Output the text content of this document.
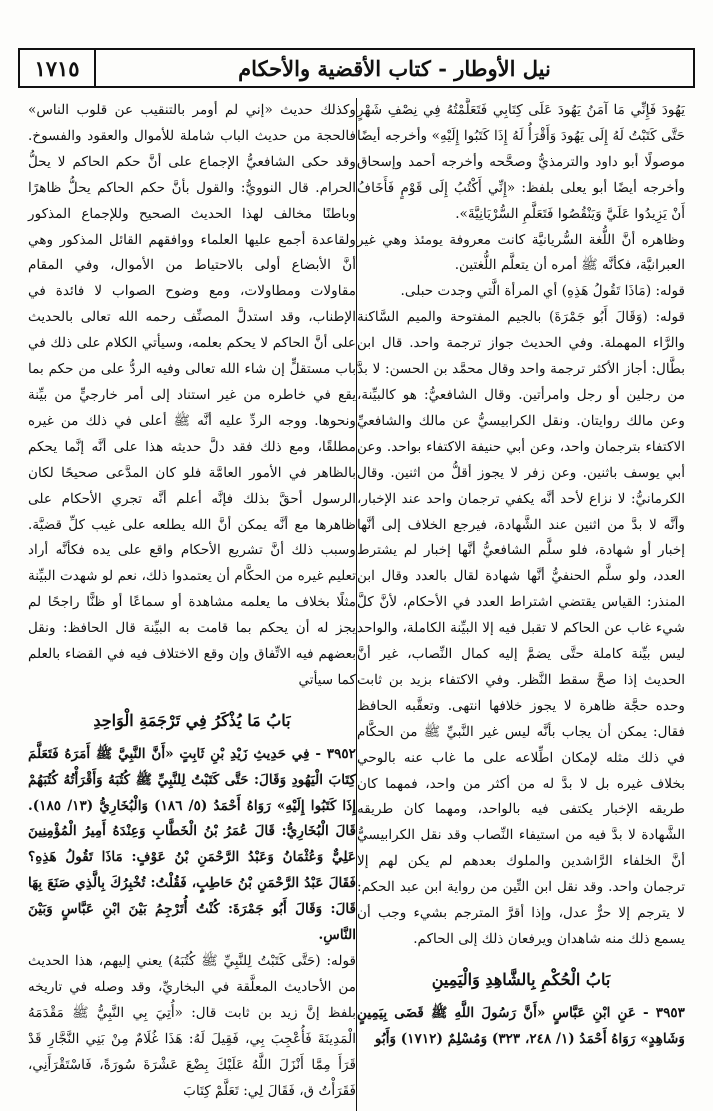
نيل الأوطار - كتاب الأقضية والأحكام
١٧١٥

وكذلك حديث «إني لم أومر بالتنقيب عن قلوب الناس» فالحجة من حديث الباب شاملة للأموال والعقود والفسوخ. وقد حكى الشافعيُّ الإجماع على أنَّ حكم الحاكم لا يحلُّ الحرام. قال النوويُّ: والقول بأنَّ حكم الحاكم يحلُّ ظاهرًا وباطنًا مخالف لهذا الحديث الصحيح وللإجماع المذكور ولقاعدة أجمع عليها العلماء ووافقهم القائل المذكور وهي أنَّ الأبضاع أولى بالاحتياط من الأموال، وفي المقام مقاولات ومطاولات، ومع وضوح الصواب لا فائدة في الإطناب، وقد استدلَّ المصنِّف رحمه الله تعالى بالحديث على أنَّ الحاكم لا يحكم بعلمه، وسيأتي الكلام على ذلك في باب مستقلٍّ إن شاء الله تعالى وفيه الردُّ على من حكم بما يقع في خاطره من غير استناد إلى أمر خارجيٍّ من بيِّنة ونحوها. ووجه الردِّ عليه أنَّه ﷺ أعلى في ذلك من غيره مطلقًا، ومع ذلك فقد دلَّ حديثه هذا على أنَّه إنَّما يحكم بالظاهر في الأمور العامَّة فلو كان المدَّعى صحيحًا لكان الرسول أحقَّ بذلك فإنَّه أعلم أنَّه تجري الأحكام على ظاهرها مع أنَّه يمكن أنَّ الله يطلعه على غيب كلِّ قضيَّة. وسبب ذلك أنَّ تشريع الأحكام واقع على يده فكأنَّه أراد تعليم غيره من الحكَّام أن يعتمدوا ذلك، نعم لو شهدت البيِّنة مثلًا بخلاف ما يعلمه مشاهدة أو سماعًا أو ظنًّا راجحًا لم يجز له أن يحكم بما قامت به البيِّنة قال الحافظ: ونقل بعضهم فيه الاتِّفاق وإن وقع الاختلاف فيه في القضاء بالعلم كما سيأتي

بَابُ مَا يُذْكَرُ فِي تَرْجَمَةِ الْوَاحِدِ

٣٩٥٢ - فِي حَدِيثِ زَيْدِ بْنِ ثَابِتٍ «أَنَّ النَّبِيَّ ﷺ أَمَرَهُ فَتَعَلَّمَ كِتَابَ الْيَهُودِ وَقَالَ: حَتَّى كَتَبْتُ لِلنَّبِيِّ ﷺ كُتُبَهُ وَأَقْرَأْتُهُ كُتُبَهُمْ إِذَا كَتَبُوا إِلَيْهِ» رَوَاهُ أَحْمَدُ (٥/ ١٨٦) وَالْبُخَارِيُّ (١٣/ ١٨٥). قَالَ الْبُخَارِيُّ: قَالَ عُمَرُ بْنُ الْخَطَّابِ وَعِنْدَهُ أَمِيرُ الْمُؤْمِنِينَ عَلِيٌّ وَعُثْمَانُ وَعَبْدُ الرَّحْمَنِ بْنُ عَوْفٍ: مَاذَا تَقُولُ هَذِهِ؟ فَقَالَ عَبْدُ الرَّحْمَنِ بْنُ حَاطِبٍ، فَقُلْتُ: تُخْبِرُكَ بِالَّذِي صَنَعَ بِهَا قَالَ: وَقَالَ أَبُو جَمْرَةَ: كُنْتُ أُتَرْجِمُ بَيْنَ ابْنِ عَبَّاسٍ وَبَيْنَ النَّاسِ.

قوله: (حَتَّى كَتَبْتُ لِلنَّبِيِّ ﷺ كُتُبَهُ) يعني إليهم، هذا الحديث من الأحاديث المعلَّقة في البخاريِّ، وقد وصله في تاريخه بلفظ إنَّ زيد بن ثابت قال: «أُتِيَ بِي النَّبِيُّ ﷺ مَقْدَمَهُ الْمَدِينَةَ فَأُعْجِبَ بِي، فَقِيلَ لَهُ: هَذَا غُلَامٌ مِنْ بَنِي النَّجَّارِ قَدْ قَرَأَ مِمَّا أَنْزَلَ اللَّهُ عَلَيْكَ بِضْعَ عَشْرَةَ سُورَةً، فَاسْتَقْرَأَنِي، فَقَرَأْتُ ق، فَقَالَ لِي: تَعَلَّمْ كِتَابَ

يَهُودَ فَإِنِّي مَا آمَنُ يَهُودَ عَلَى كِتَابِي فَتَعَلَّمْتُهُ فِي نِصْفِ شَهْرٍ حَتَّى كَتَبْتُ لَهُ إِلَى يَهُودَ وَأَقْرَأُ لَهُ إِذَا كَتَبُوا إِلَيْهِ» وأخرجه أيضًا موصولًا أبو داود والترمذيُّ وصحَّحه وأخرجه أحمد وإسحاق وأخرجه أيضًا أبو يعلى بلفظ: «إِنِّي أَكْتُبُ إِلَى قَوْمٍ فَأَخَافُ أَنْ يَزِيدُوا عَلَيَّ وَيَنْقُصُوا فَتَعَلَّمِ السُّرْيَانِيَّةَ».

وظاهره أنَّ اللُّغة السُّريانيَّة كانت معروفة يومئذ وهي غير العبرانيَّة، فكأنَّه ﷺ أمره أن يتعلَّم اللُّغتين.

قوله: (مَاذَا تَقُولُ هَذِهِ) أي المرأة الَّتي وجدت حبلى.

قوله: (وَقَالَ أَبُو جَمْرَةَ) بالجيم المفتوحة والميم السَّاكنة والرَّاء المهملة. وفي الحديث جواز ترجمة واحد. قال ابن بطَّال: أجاز الأكثر ترجمة واحد وقال محمَّد بن الحسن: لا بدَّ من رجلين أو رجل وامرأتين. وقال الشافعيُّ: هو كالبيِّنة، وعن مالك روايتان. ونقل الكرابيسيُّ عن مالك والشافعيِّ الاكتفاء بترجمان واحد، وعن أبي حنيفة الاكتفاء بواحد. وعن أبي يوسف باثنين. وعن زفر لا يجوز أقلُّ من اثنين. وقال الكرمانيُّ: لا نزاع لأحد أنَّه يكفي ترجمان واحد عند الإخبار، وأنَّه لا بدَّ من اثنين عند الشَّهادة، فيرجع الخلاف إلى أنَّها إخبار أو شهادة، فلو سلَّم الشافعيُّ أنَّها إخبار لم يشترط العدد، ولو سلَّم الحنفيُّ أنَّها شهادة لقال بالعدد وقال ابن المنذر: القياس يقتضي اشتراط العدد في الأحكام، لأنَّ كلَّ شيء غاب عن الحاكم لا تقبل فيه إلا البيِّنة الكاملة، والواحد ليس بيِّنة كاملة حتَّى يضمَّ إليه كمال النِّصاب، غير أنَّ الحديث إذا صحَّ سقط النَّظر. وفي الاكتفاء بزيد بن ثابت وحده حجَّة ظاهرة لا يجوز خلافها انتهى. وتعقَّبه الحافظ فقال: يمكن أن يجاب بأنَّه ليس غير النَّبيِّ ﷺ من الحكَّام في ذلك مثله لإمكان اطِّلاعه على ما غاب عنه بالوحي بخلاف غيره بل لا بدَّ له من أكثر من واحد، فمهما كان طريقه الإخبار يكتفى فيه بالواحد، ومهما كان طريقه الشَّهادة لا بدَّ فيه من استيفاء النِّصاب وقد نقل الكرابيسيُّ أنَّ الخلفاء الرَّاشدين والملوك بعدهم لم يكن لهم إلا ترجمان واحد. وقد نقل ابن التِّين من رواية ابن عبد الحكم: لا يترجم إلا حرٌّ عدل، وإذا أقرَّ المترجم بشيء وجب أن يسمع ذلك منه شاهدان ويرفعان ذلك إلى الحاكم.

بَابُ الْحُكْمِ بِالشَّاهِدِ وَالْيَمِينِ

٣٩٥٣ - عَنِ ابْنِ عَبَّاسٍ «أَنَّ رَسُولَ اللَّهِ ﷺ قَضَى بِيَمِينٍ وَشَاهِدٍ» رَوَاهُ أَحْمَدُ (١/ ٢٤٨، ٣٢٣) وَمُسْلِمٌ (١٧١٢) وَأَبُو
